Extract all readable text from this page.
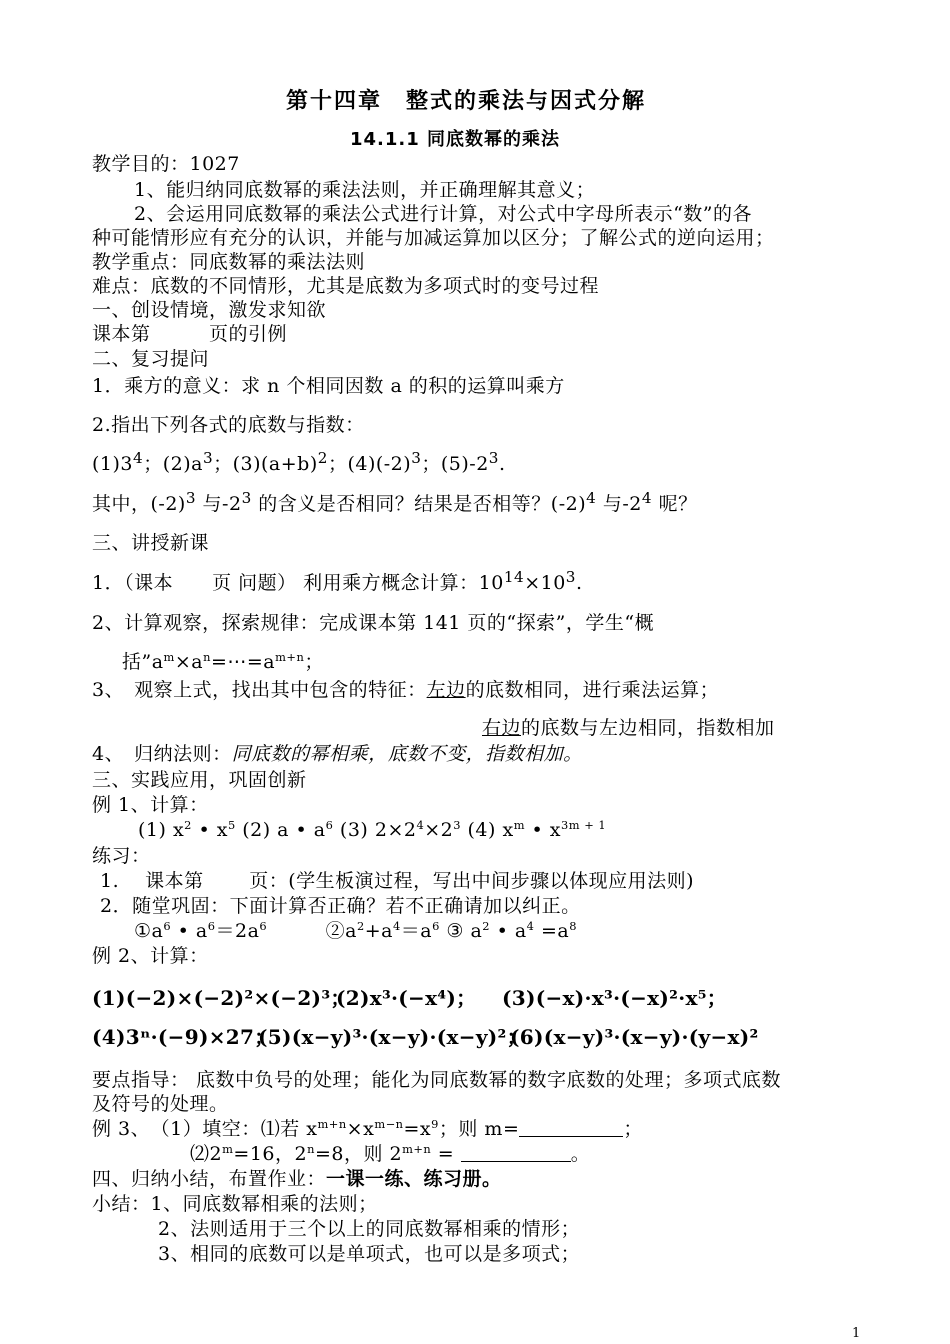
第十四章　整式的乘法与因式分解
14.1.1 同底数幂的乘法
教学目的：1027
1、能归纳同底数幂的乘法法则，并正确理解其意义；
2、会运用同底数幂的乘法公式进行计算，对公式中字母所表示“数”的各
种可能情形应有充分的认识，并能与加减运算加以区分；了解公式的逆向运用；
教学重点：同底数幂的乘法法则
难点：底数的不同情形，尤其是底数为多项式时的变号过程
一、创设情境，激发求知欲
课本第　　　页的引例
二、复习提问
1．乘方的意义：求 n 个相同因数 a 的积的运算叫乘方
2.指出下列各式的底数与指数：
$(1)3^4$；$(2)a^3$；$(3)(a+b)^2$；$(4)(-2)^3$；$(5)-2^3$.
其中，$(-2)^3$ 与$-2^3$ 的含义是否相同？结果是否相等？$(-2)^4$ 与$-2^4$ 呢？
三、讲授新课
1．（课本　　页 问题） 利用乘方概念计算：$10^{14}\times 10^3$.
2、计算观察，探索规律：完成课本第 141 页的“探索”，学生“概
括$”a^m\times a^n=\cdots=a^{m+n}$；
3、　观察上式，找出其中包含的特征：左边的底数相同，进行乘法运算；
右边的底数与左边相同，指数相加
4、　归纳法则：同底数的幂相乘，底数不变，指数相加。
三、实践应用，巩固创新
例 1、计算：
(1) $x^2$ • $x^5$ (2) a • $a^6$ (3) $2\times 2^4\times 2^3$ (4) $x^m$ • $x^{3m + 1}$
练习：
1.　 课本第　　 页：(学生板演过程，写出中间步骤以体现应用法则)
2．随堂巩固：下面计算否正确？若不正确请加以纠正。
$①a^6$ • $a^6=2a^6$　　　$②a^2+a^4=a^6$ ③ $a^2$ • $a^4 =a^8$
例 2、计算：
(1)(−2)×(−2)²×(−2)³；
(2)x³·(−x⁴)； (3)(−x)·x³·(−x)²·x⁵；
(4)3ⁿ·(−9)×27；
(5)(x−y)³·(x−y)·(x−y)²；
(6)(x−y)³·(x−y)·(y−x)²
要点指导： 底数中负号的处理；能化为同底数幂的数字底数的处理；多项式底数
及符号的处理。
例 3、　（1）填空：⑴若 $x^{m+n}\times x^{m-n}=x^9$；则 m=	；
$⑵2^m=16$，$2^n=8$，则 $2^{m+n}$ =	。
四、归纳小结，布置作业：一课一练、练习册。
小结：1、同底数幂相乘的法则；
2、法则适用于三个以上的同底数幂相乘的情形；
3、相同的底数可以是单项式，也可以是多项式；
1
